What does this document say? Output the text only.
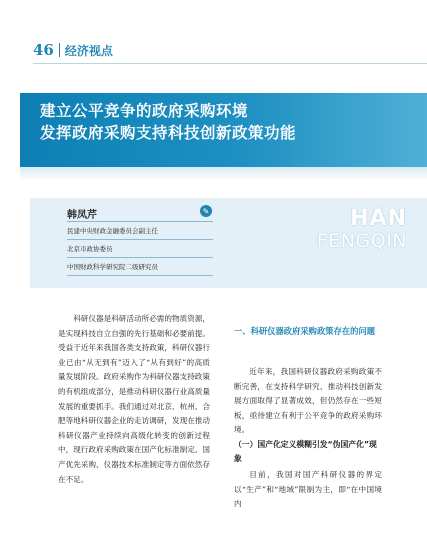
46 经济视点
建立公平竞争的政府采购环境
发挥政府采购支持科技创新政策功能
韩凤芹	✎
民建中央财政金融委员会副主任
北京市政协委员
中国财政科学研究院二级研究员
HAN
FENGQIN

科研仪器是科研活动所必需的物质资源，是实现科技自立自强的先行基础和必要前提。受益于近年来我国各类支持政策，科研仪器行业已由“从无到有”迈入了“从有到好”的高质量发展阶段。政府采购作为科研仪器支持政策的有机组成部分，是推动科研仪器行业高质量发展的重要抓手。我们通过对北京、杭州、合肥等地科研仪器企业的走访调研，发现在推动科研仪器产业持续向高级化转变的创新过程中，现行政府采购政策在国产化标准制定、国产优先采购、仪器技术标准制定等方面依然存在不足。

一、科研仪器政府采购政策存在的问题

近年来，我国科研仪器政府采购政策不断完善，在支持科学研究、推动科技创新发展方面取得了显著成效，但仍然存在一些短板，亟待建立有利于公平竞争的政府采购环境。

（一）国产化定义模糊引发“伪国产化”现象

目前，我国对国产科研仪器的界定以“生产”和“地域”限制为主，即“在中国境内
